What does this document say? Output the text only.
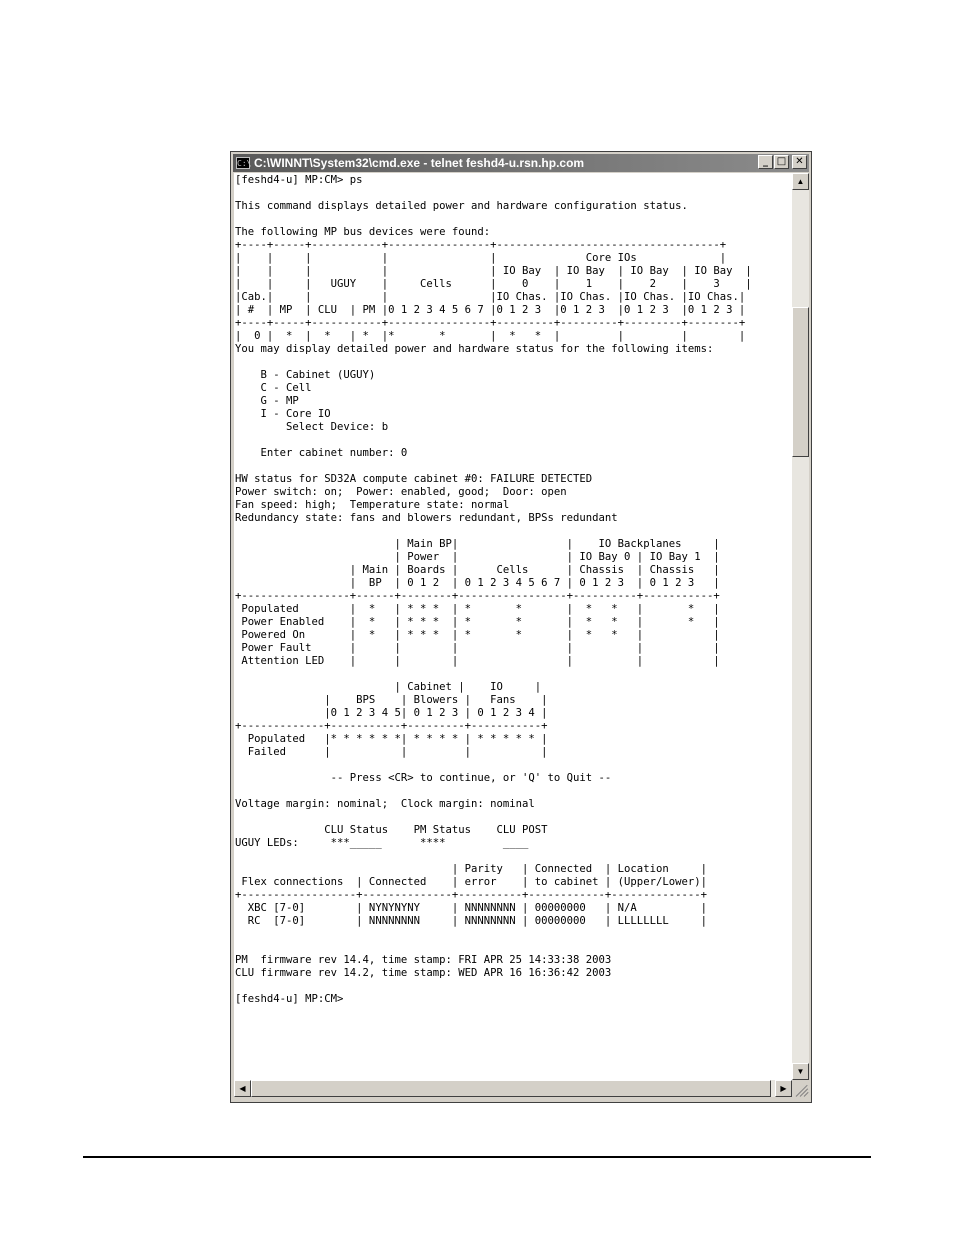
C:\ C:\WINNT\System32\cmd.exe - telnet feshd4-u.rsn.hp.com	_ □ ✕
[feshd4-u] MP:CM> ps

This command displays detailed power and hardware configuration status.

The following MP bus devices were found:
+----+-----+-----------+----------------+-----------------------------------+
|    |     |           |                |              Core IOs             |
|    |     |           |                | IO Bay  | IO Bay  | IO Bay  | IO Bay  |
|    |     |   UGUY    |     Cells      |    0    |    1    |    2    |    3    |
|Cab.|     |           |                |IO Chas. |IO Chas. |IO Chas. |IO Chas.|
| #  | MP  | CLU  | PM |0 1 2 3 4 5 6 7 |0 1 2 3  |0 1 2 3  |0 1 2 3  |0 1 2 3 |
+----+-----+-----------+----------------+---------+---------+---------+--------+
|  0 |  *  |  *   | *  |*       *       |  *   *  |         |         |        |
You may display detailed power and hardware status for the following items:

B - Cabinet (UGUY)
C - Cell
G - MP
I - Core IO
Select Device: b

Enter cabinet number: 0

HW status for SD32A compute cabinet #0: FAILURE DETECTED
Power switch: on;  Power: enabled, good;  Door: open
Fan speed: high;  Temperature state: normal
Redundancy state: fans and blowers redundant, BPSs redundant

| Main BP|                 |    IO Backplanes     |
| Power  |                 | IO Bay 0 | IO Bay 1  |
| Main | Boards |      Cells      | Chassis  | Chassis   |
|  BP  | 0 1 2  | 0 1 2 3 4 5 6 7 | 0 1 2 3  | 0 1 2 3   |
+-----------------+------+--------+-----------------+----------+-----------+
Populated        |  *   | * * *  | *       *       |  *   *   |       *   |
Power Enabled    |  *   | * * *  | *       *       |  *   *   |       *   |
Powered On       |  *   | * * *  | *       *       |  *   *   |           |
Power Fault      |      |        |                 |          |           |
Attention LED    |      |        |                 |          |           |

| Cabinet |    IO     |
|    BPS    | Blowers |   Fans    |
|0 1 2 3 4 5| 0 1 2 3 | 0 1 2 3 4 |
+-------------+-----------+---------+-----------+
Populated   |* * * * * *| * * * * | * * * * * |
Failed      |           |         |           |

-- Press <CR> to continue, or 'Q' to Quit --

Voltage margin: nominal;  Clock margin: nominal

CLU Status    PM Status    CLU POST
UGUY LEDs:     ***_____      ****         ____

| Parity   | Connected  | Location     |
Flex connections  | Connected    | error    | to cabinet | (Upper/Lower)|
+------------------+--------------+----------+------------+--------------+
XBC [7-0]        | NYNYNYNY     | NNNNNNNN | 00000000   | N/A          |
RC  [7-0]        | NNNNNNNN     | NNNNNNNN | 00000000   | LLLLLLLL     |

PM  firmware rev 14.4, time stamp: FRI APR 25 14:33:38 2003
CLU firmware rev 14.2, time stamp: WED APR 16 16:36:42 2003

[feshd4-u] MP:CM>

▲
▼
◀	▶
